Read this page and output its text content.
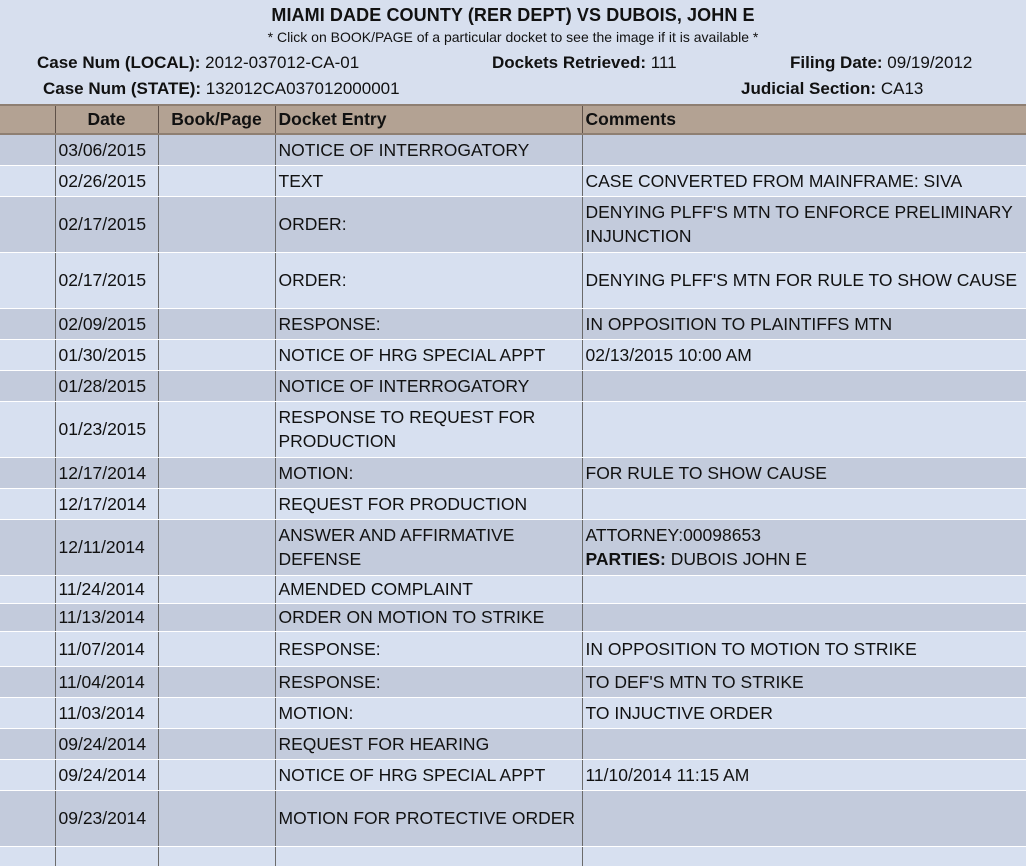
MIAMI DADE COUNTY (RER DEPT) VS DUBOIS, JOHN E
* Click on BOOK/PAGE of a particular docket to see the image if it is available *
Case Num (LOCAL): 2012-037012-CA-01	Dockets Retrieved: 111	Filing Date: 09/19/2012
Case Num (STATE): 132012CA037012000001	Judicial Section: CA13
	Date	Book/Page	Docket Entry	Comments
	03/06/2015		NOTICE OF INTERROGATORY	
	02/26/2015		TEXT	CASE CONVERTED FROM MAINFRAME: SIVA
	02/17/2015		ORDER:	DENYING PLFF'S MTN TO ENFORCE PRELIMINARY INJUNCTION
	02/17/2015		ORDER:	DENYING PLFF'S MTN FOR RULE TO SHOW CAUSE
	02/09/2015		RESPONSE:	IN OPPOSITION TO PLAINTIFFS MTN
	01/30/2015		NOTICE OF HRG SPECIAL APPT	02/13/2015 10:00 AM
	01/28/2015		NOTICE OF INTERROGATORY	
	01/23/2015		RESPONSE TO REQUEST FOR PRODUCTION	
	12/17/2014		MOTION:	FOR RULE TO SHOW CAUSE
	12/17/2014		REQUEST FOR PRODUCTION	
	12/11/2014		ANSWER AND AFFIRMATIVE DEFENSE	ATTORNEY:00098653
PARTIES: DUBOIS JOHN E

	11/24/2014		AMENDED COMPLAINT	
	11/13/2014		ORDER ON MOTION TO STRIKE	
	11/07/2014		RESPONSE:	IN OPPOSITION TO MOTION TO STRIKE
	11/04/2014		RESPONSE:	TO DEF'S MTN TO STRIKE
	11/03/2014		MOTION:	TO INJUCTIVE ORDER
	09/24/2014		REQUEST FOR HEARING	
	09/24/2014		NOTICE OF HRG SPECIAL APPT	11/10/2014 11:15 AM
	09/23/2014		MOTION FOR PROTECTIVE ORDER	
